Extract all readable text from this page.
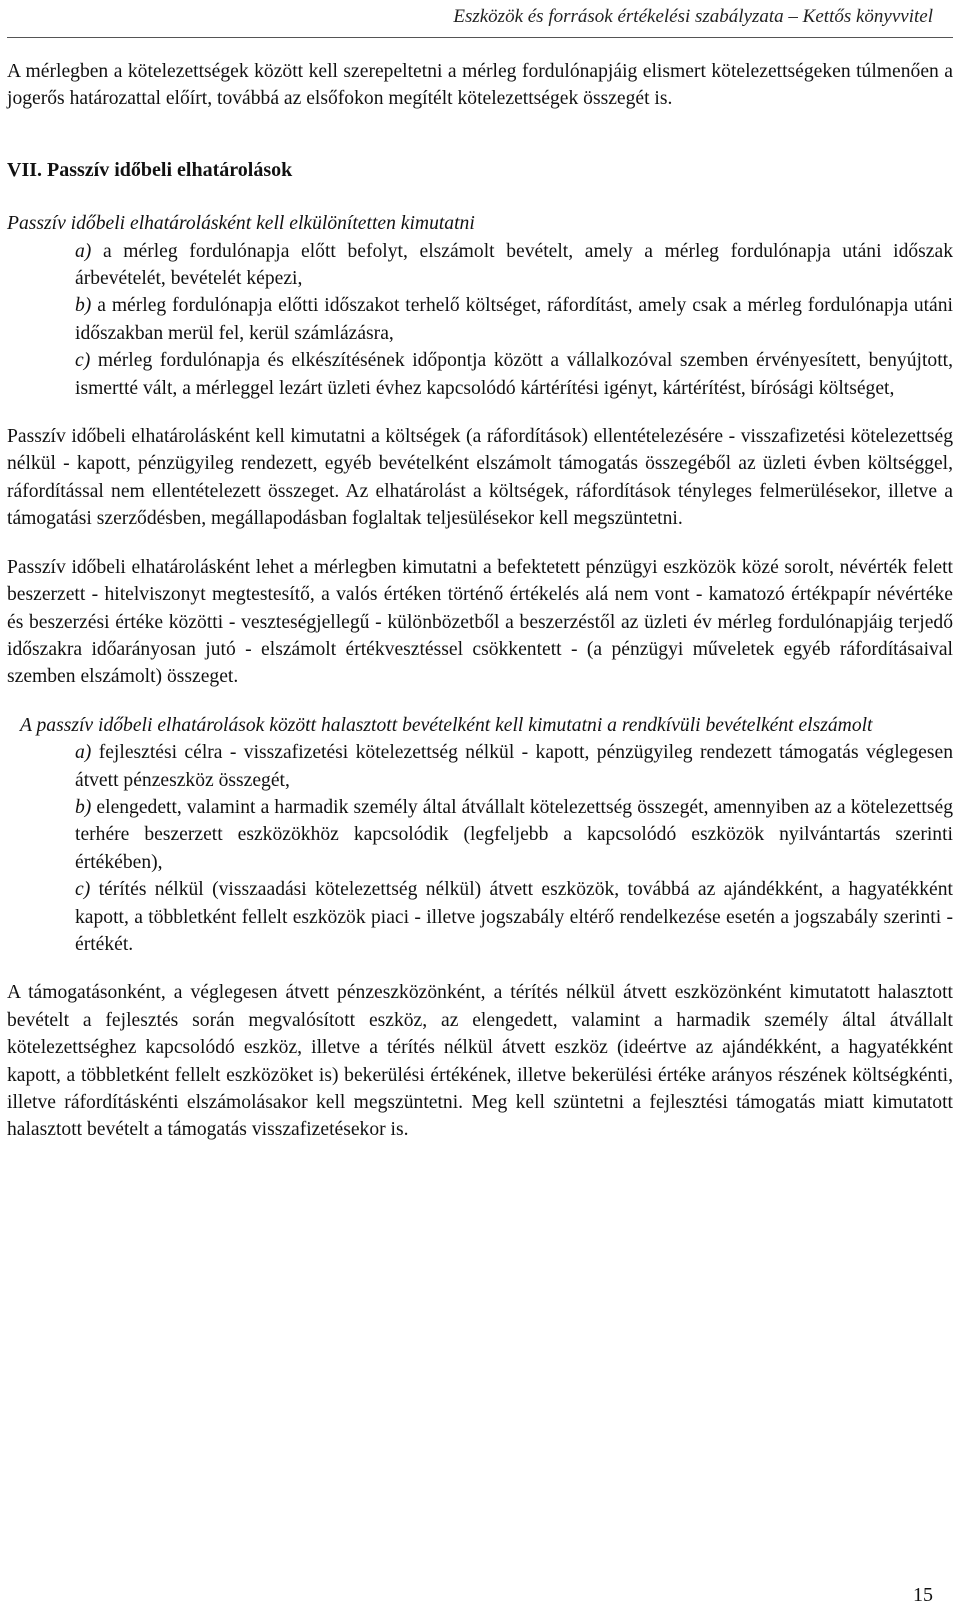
Eszközök és források értékelési szabályzata – Kettős könyvvitel

A mérlegben a kötelezettségek között kell szerepeltetni a mérleg fordulónapjáig elismert kötelezettségeken túlmenően a jogerős határozattal előírt, továbbá az elsőfokon megítélt kötelezettségek összegét is.

VII. Passzív időbeli elhatárolások

Passzív időbeli elhatárolásként kell elkülönítetten kimutatni

a) a mérleg fordulónapja előtt befolyt, elszámolt bevételt, amely a mérleg fordulónapja utáni időszak árbevételét, bevételét képezi,

b) a mérleg fordulónapja előtti időszakot terhelő költséget, ráfordítást, amely csak a mérleg fordulónapja utáni időszakban merül fel, kerül számlázásra,

c) mérleg fordulónapja és elkészítésének időpontja között a vállalkozóval szemben érvényesített, benyújtott, ismertté vált, a mérleggel lezárt üzleti évhez kapcsolódó kártérítési igényt, kártérítést, bírósági költséget,

Passzív időbeli elhatárolásként kell kimutatni a költségek (a ráfordítások) ellentételezésére - visszafizetési kötelezettség nélkül - kapott, pénzügyileg rendezett, egyéb bevételként elszámolt támogatás összegéből az üzleti évben költséggel, ráfordítással nem ellentételezett összeget. Az elhatárolást a költségek, ráfordítások tényleges felmerülésekor, illetve a támogatási szerződésben, megállapodásban foglaltak teljesülésekor kell megszüntetni.

Passzív időbeli elhatárolásként lehet a mérlegben kimutatni a befektetett pénzügyi eszközök közé sorolt, névérték felett beszerzett - hitelviszonyt megtestesítő, a valós értéken történő értékelés alá nem vont - kamatozó értékpapír névértéke és beszerzési értéke közötti - veszteségjellegű - különbözetből a beszerzéstől az üzleti év mérleg fordulónapjáig terjedő időszakra időarányosan jutó - elszámolt értékvesztéssel csökkentett - (a pénzügyi műveletek egyéb ráfordításaival szemben elszámolt) összeget.

A passzív időbeli elhatárolások között halasztott bevételként kell kimutatni a rendkívüli bevételként elszámolt

a) fejlesztési célra - visszafizetési kötelezettség nélkül - kapott, pénzügyileg rendezett támogatás véglegesen átvett pénzeszköz összegét,

b) elengedett, valamint a harmadik személy által átvállalt kötelezettség összegét, amennyiben az a kötelezettség terhére beszerzett eszközökhöz kapcsolódik (legfeljebb a kapcsolódó eszközök nyilvántartás szerinti értékében),

c) térítés nélkül (visszaadási kötelezettség nélkül) átvett eszközök, továbbá az ajándékként, a hagyatékként kapott, a többletként fellelt eszközök piaci - illetve jogszabály eltérő rendelkezése esetén a jogszabály szerinti - értékét.

A támogatásonként, a véglegesen átvett pénzeszközönként, a térítés nélkül átvett eszközönként kimutatott halasztott bevételt a fejlesztés során megvalósított eszköz, az elengedett, valamint a harmadik személy által átvállalt kötelezettséghez kapcsolódó eszköz, illetve a térítés nélkül átvett eszköz (ideértve az ajándékként, a hagyatékként kapott, a többletként fellelt eszközöket is) bekerülési értékének, illetve bekerülési értéke arányos részének költségkénti, illetve ráfordításkénti elszámolásakor kell megszüntetni. Meg kell szüntetni a fejlesztési támogatás miatt kimutatott halasztott bevételt a támogatás visszafizetésekor is.

15
